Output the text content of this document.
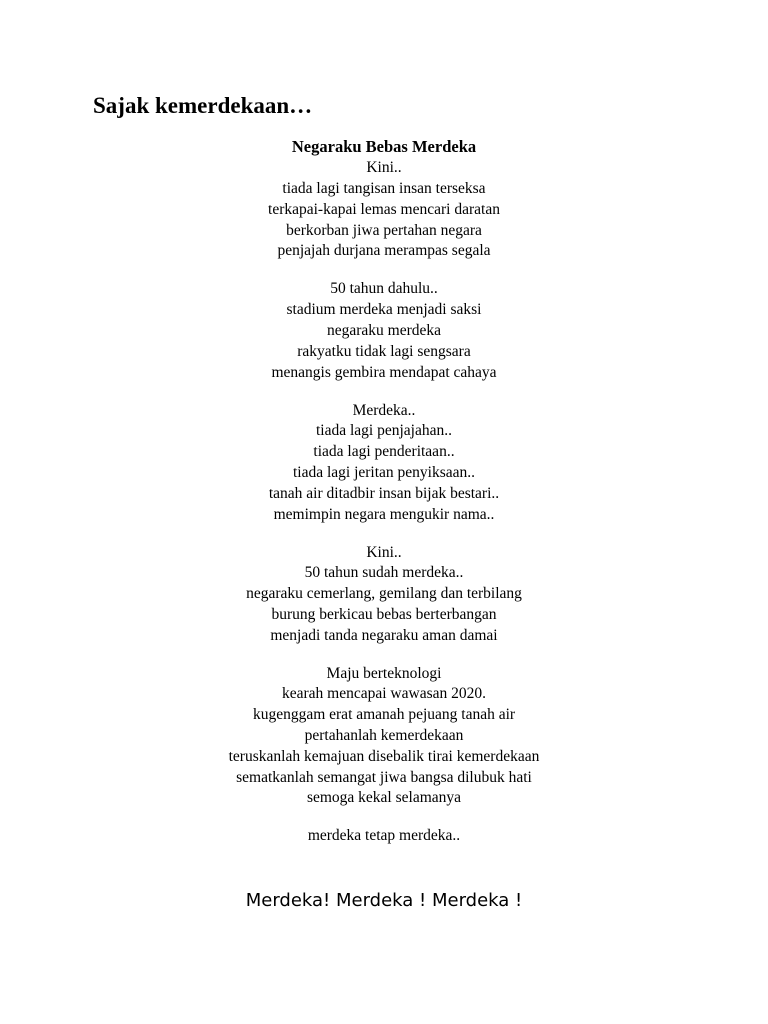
Sajak kemerdekaan…
Negaraku Bebas Merdeka

Kini..
tiada lagi tangisan insan terseksa
terkapai-kapai lemas mencari daratan
berkorban jiwa pertahan negara
penjajah durjana merampas segala

50 tahun dahulu..
stadium merdeka menjadi saksi
negaraku merdeka
rakyatku tidak lagi sengsara
menangis gembira mendapat cahaya

Merdeka..
tiada lagi penjajahan..
tiada lagi penderitaan..
tiada lagi jeritan penyiksaan..
tanah air ditadbir insan bijak bestari..
memimpin negara mengukir nama..

Kini..
50 tahun sudah merdeka..
negaraku cemerlang, gemilang dan terbilang
burung berkicau bebas berterbangan
menjadi tanda negaraku aman damai

Maju berteknologi
kearah mencapai wawasan 2020.
kugenggam erat amanah pejuang tanah air
pertahanlah kemerdekaan
teruskanlah kemajuan disebalik tirai kemerdekaan
sematkanlah semangat jiwa bangsa dilubuk hati
semoga kekal selamanya

merdeka tetap merdeka..

Merdeka! Merdeka ! Merdeka !
